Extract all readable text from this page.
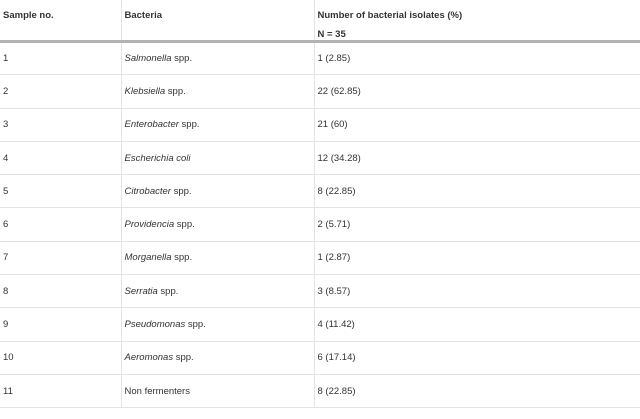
Sample no.	Bacteria	Number of bacterial isolates (%)
N = 35

1	Salmonella spp.	1 (2.85)
2	Klebsiella spp.	22 (62.85)
3	Enterobacter spp.	21 (60)
4	Escherichia coli	12 (34.28)
5	Citrobacter spp.	8 (22.85)
6	Providencia spp.	2 (5.71)
7	Morganella spp.	1 (2.87)
8	Serratia spp.	3 (8.57)
9	Pseudomonas spp.	4 (11.42)
10	Aeromonas spp.	6 (17.14)
11	Non fermenters	8 (22.85)
